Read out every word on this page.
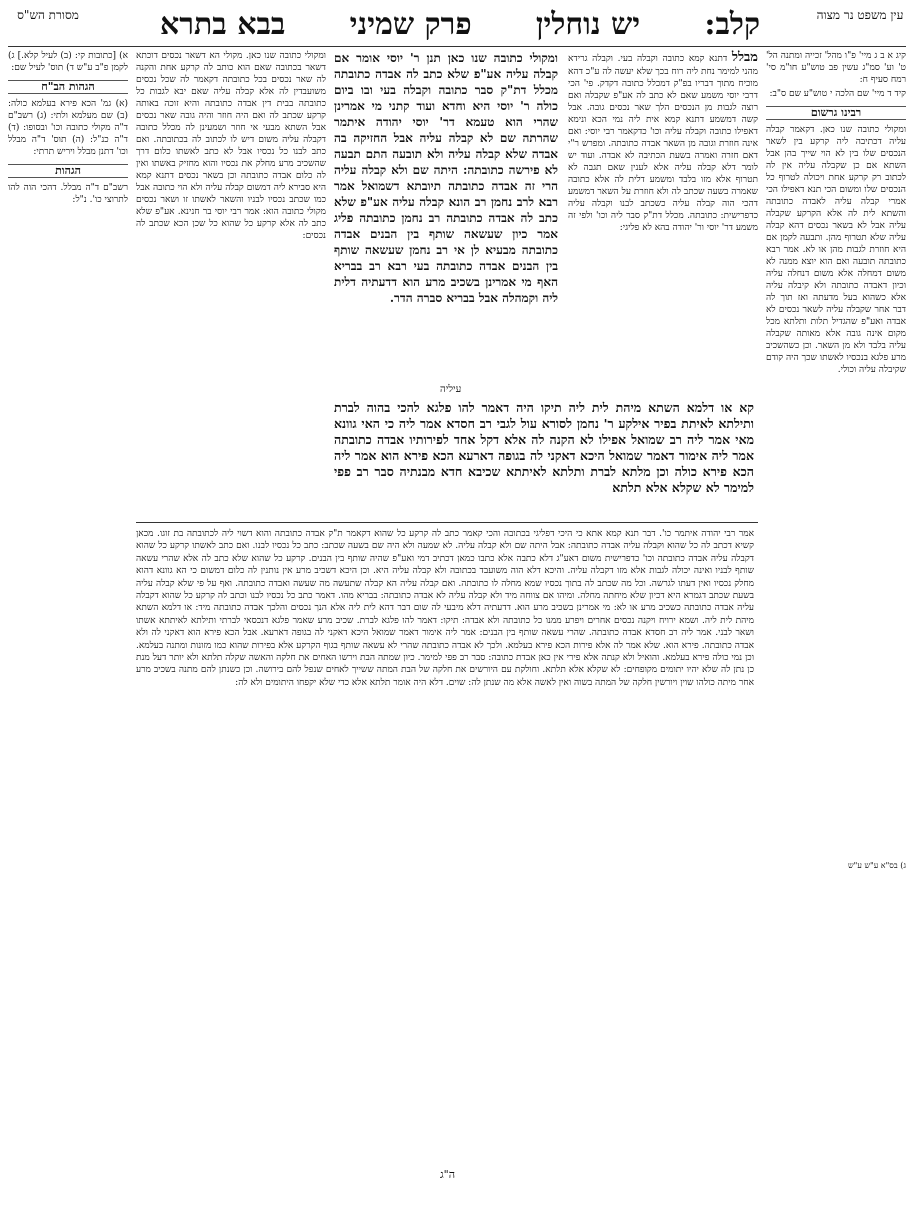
מסורת הש"ס	עין משפט נר מצוה
קלב:
יש נוחלין
פרק שמיני
בבא בתרא

קיג א ב ג מיי' פ"ו מהל' זכייה ומתנה הל' ט' וע' סמ"ג עשין פב טוש"ע חו"מ סי' רמח סעיף ח:

קיד ד מיי' שם הלכה י טוש"ע שם ס"ב:

רבינו גרשום

ומקולי כתובה שנו כאן. דקאמר קבלה עליה דכתיבה ליה קרקע בין לשאר הנכסים שלו בין לא הוי שייך בהן אבל השתא אם כן שקבלה עליה אין לה לכתוב רק קרקע אחת ויכולה לטרוף כל הנכסים שלו ומשום הכי תנא דאפילו הכי אמרי קבלה עליה לאבדה כתובתה והשתא לית לה אלא הקרקע שקבלה עליה אבל לא בשאר נכסים דהא קבלה עליה שלא תטרוף מהן. ותבעה לקמן אם היא חוזרת לגבות מהן או לא. אמר רבא כתובתה תובעה ואם הוא יוצא ממנה לא משום דמחלה אלא משום דנחלה עליה וכיון דאבדה כתובתה ולא קיבלה עליה אלא כשהוא בעל מדעתה ואז תוך לה דבר אחר שקבלה עליה לשאר נכסים לא אבדה ואע"פ שהגדיל תלות ותלתא מכל מקום אינה גובה אלא מאותה שקבלה עליה בלבד ולא מן השאר. וכן כשהשכיב מרע פלגא בנכסיו לאשתו שכך היה קודם שקיבלה עליה וכולי.

א) [כתובות קי: (ב) לעיל קלא.] ג) לקמן פ"ב ע"ש ד) תוס' לעיל שם:

הגהות הב"ח

(א) גמ' הכא פירא בעלמא כולה: (ב) שם מעלמא ולתי: (ג) רשב"ם ד"ה מקולי כתובה וכו' ובסופו: (ד) ד"ה כנ"ל: (ה) תוס' ד"ה מבלל וכו' דתנן מבלל ויריש תרתי:

הגהות

רשב"ם ד"ה מבלל. דהכי הוה להו לתרוצי כו'. נ"ל:

מבלל דתנא קמא כתובה וקבלה בעי. וקבלה גרידא מהני למימר נחת ליה רוח בכך שלא יעשה לה ע"כ דהא מוכיח מתוך דבריו בפ"ק דמכלל כתובה דקדק. פי' הכי דרבי יוסי משמע שאם לא כתב לה אע"פ שקבלה ואם רוצה לגבות מן הנכסים הלך שאר נכסים גובה. אבל קשה דמשמע דתנא קמא אית ליה נמי הכא ונימא דאפילו כתובה וקבלה עליה וכו' כדקאמר רבי יוסי: ואם אינה חוזרת וגובה מן השאר אבדה כתובתה. ומפרש ר"י דאם חזרה ואמרה בשעת הכתיבה לא אבדה. ועוד יש לומר דלא קבלה עליה אלא לענין שאם תגבה לא תטרוף אלא מזו בלבד ומשמע דלית לה אלא כתובה שאמרה בשעה שכתב לה ולא חוזרת על השאר דמשמע דהכי הוה קבלה עליה כשכתב לבנו וקבלה עליה כדפרישית: כתובתה. מכלל דת"ק סבר ליה וכו' ולפי זה משמע דר' יוסי ור' יהודה בהא לא פליגי:

ומקולי כתובה שנו כאן. מקולי הא דשאר נכסים דוכתא דשאר בכתובה שאם הוא כותב לה קרקע אחת והקנה לה שאר נכסים בכל כתובתה דקאמר לה שכל נכסים משועבדין לה אלא קבלה עליה שאם יבא לגבות כל כתובתה בבית דין אבדה כתובתה והיא זוכה באותה קרקע שכתב לה ואם היה חוזר והיה גובה שאר נכסים אבל השתא מבעי אי חוזר ושמעינן לה מכלל כתובה דקבלה עליה משום דיש לו לכתוב לה בכתובתה. ואם כתב לבנו כל נכסיו אבל לא כתב לאשתו כלום דרך שהשכיב מרע מחלק את נכסיו והוא מחזיק באשתו ואין לה כלום אבדה כתובתה וכן בשאר נכסים דתנא קמא היא סבירא ליה דמשום קבלה עליה ולא הוי כתובה אבל כמו שכתב נכסיו לבניו והשאר לאשתו זו ושאר נכסים מקולי כתובה הוא: אמר רבי יוסי בר חנינא. אע"פ שלא כתב לה אלא קרקע כל שהוא כל שכן הכא שכתב לה נכסים:

ומקולי כתובה שנו כאן תנן ר' יוסי אומר אם קבלה עליה אע"פ שלא כתב לה אבדה כתובתה מכלל דת"ק סבר כתובה וקבלה בעי ובו ביום כולה ר' יוסי היא וחדא ועוד קתני מי אמרינן שהרי הוא טעמא דר' יוסי יהודה איתמר שהרתה שם לא קבלה עליה אבל החזיקה בה אבדה שלא קבלה עליה ולא תובעה התם תבעה לא פירשה כתובתה: היתה שם ולא קבלה עליה הרי זה אבדה כתובתה תיובתא דשמואל אמר רבא לרב נחמן רב הונא קבלה עליה אע"פ שלא כתב לה אבדה כתובתה רב נחמן כתובתה פליג אמר כיון שעשאה שותף בין הבנים אבדה כתובתה מבעיא לן אי רב נחמן שעשאה שותף בין הבנים אבדה כתובתה בעי רבא רב בבריא האף מי אמרינן בשכיב מרע הוא דדעתיה דלית ליה וקמהלה אבל בבריא סברה הדר.
עיליה
קא או דלמא השתא מיהת לית ליה תיקו היה דאמר להו פלגא להכי בהוה לברת ותילתא לאיתת בפיר אילקע ר' נחמן לסורא עול לגבי רב חסדא אמר ליה כי האי גוונא מאי אמר ליה רב שמואל אפילו לא הקנה לה אלא דקל אחד לפירותיו אבדה כתובתה אמר ליה אימור דאמר שמואל היכא דאקני לה בגופה דארעא הכא פירא הוא אמר ליה הכא פירא כולה וכן מלתא לברת ותלתא לאיתתא שכיבא חדא מבנתיה סבר רב פפי למימר לא שקלא אלא תלתא

אמר רבי יהודה איתמר כו'. דבר תנא קמא אתא כי היכי דפליגי בכתובה והכי קאמר כתב לה קרקע כל שהוא דקאמר ת"ק אבדה כתובתה והוא דשוי ליה לכתובתה בת זוגו. מכאן קשיא דכתב לה כל שהוא וקבלה עליה אבדה כתובתה: אבל היתה שם ולא קבלה עליה. לא שמעה ולא היה שם בשעה שכתב: כתב כל נכסיו לבנו. ואם כתב לאשתו קרקע כל שהוא דקבלה עליה אבדה כתובתה וכו' כדפרישית משום דאע"ג דלא כתבה אלא כתבו כמאן דכתיב דמי ואע"פ שהיה שותף בין הבנים. קרקע כל שהוא שלא כתב לה אלא שהרי עשאה שותף לבניו ואינה יכולה לגבות אלא מזו דקבלה עליה. והיכא דלא הוה משועבד בכתובה ולא קבלה עליה היא. וכן היכא דשכיב מרע אין נותנין לה כלום דמשום כי הא גוונא דהוא מחלק נכסיו ואין דעתו לגרשה. וכל מה שכתב לה בתוך נכסיו שמא מחלה לו כתובתה. ואם קבלה עליה הא קבלה שתעשה מה שעשה ואבדה כתובתה. ואף על פי שלא קבלה עליה בשעת שכתב דגמרא היא דכיון שלא מיחתה מחלה. ומיהו אם צווחה מיד ולא קבלה עליה לא אבדה כתובתה: בבריא מהו. דאמר כתב כל נכסיו לבנו וכתב לה קרקע כל שהוא דקבלה עליה אבדה כתובתה כשכיב מרע או לא: מי אמרינן בשכיב מרע הוא. דדעתיה דלא מיבעי לה שום דבר דהא לית ליה אלא הנך נכסים והלכך אבדה כתובתה מיד: או דלמא השתא מיהת לית ליה. ושמא ירויח ויקנה נכסים אחרים ויפרע ממנו כל כתובתה ולא אבדה: תיקו: דאמר להו פלגא לברת. שכיב מרע שאמר פלגא דנכסאי לברתי ותילתא לאיתתא אשתו ושאר לבני. אמר ליה רב חסדא אבדה כתובתה. שהרי עשאה שותף בין הבנים: אמר ליה אימור דאמר שמואל היכא דאקני לה בגופה דארעא. אבל הכא פירא הוא דאקני לה ולא אבדה כתובתה. פירא הוא. שלא אמר לה אלא פירות הכא פירא בעלמא. ולכך לא אבדה כתובתה שהרי לא עשאה שותף בגוף הקרקע אלא בפירות שהוא כמו מזונות ומתנה בעלמא. וכן נמי כולה פירא בעלמא. והואיל ולא קנתה אלא פירי אין כאן אבדת כתובה: סבר רב פפי למימר. כיון שמתה הבת וירשו האחים את חלקה והאשה שקלה תלתא ולא יותר דעל מנת כן נתן לה שלא יהיו יתומים מקופחים: לא שקלא אלא תלתא. וחולקת עם היורשים את חלקה של הבת המתה ששייך לאחים שנפל להם בירושה. וכן כשנתן להם מתנה בשכיב מרע אחר מיתה כולהו שוין ויורשין חלקה של המתה בשוה ואין לאשה אלא מה שנתן לה: שוים. דלא היה אומר תלתא אלא כדי שלא יקפחו היתומים ולא לה:

ג) בס"א ע"ש ע"ש
ה"ג
